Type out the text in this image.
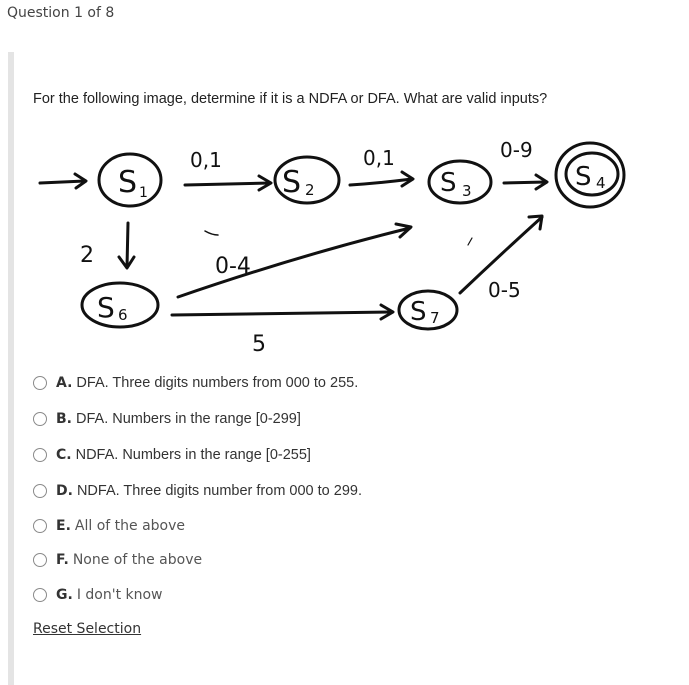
Question 1 of 8
For the following image, determine if it is a NDFA or DFA. What are valid inputs?
S 1	S 2	S 3	S 4
S 6	S 7
0,1	0,1	0-9
2	0-4
5
0-5
A. DFA. Three digits numbers from 000 to 255.
B. DFA. Numbers in the range [0-299]
C. NDFA. Numbers in the range [0-255]
D. NDFA. Three digits number from 000 to 299.
E. All of the above
F. None of the above
G. I don't know
Reset Selection
